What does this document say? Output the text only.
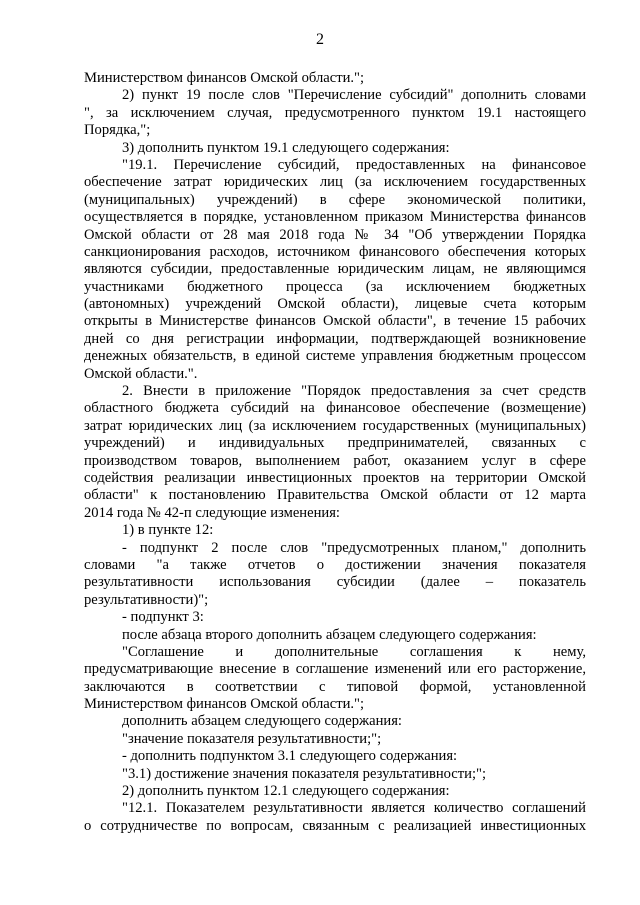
2
Министерством финансов Омской области.";
2) пункт 19 после слов "Перечисление субсидий" дополнить словами
", за исключением случая, предусмотренного пунктом 19.1 настоящего
Порядка,";
3) дополнить пунктом 19.1 следующего содержания:
"19.1. Перечисление субсидий, предоставленных на финансовое
обеспечение затрат юридических лиц (за исключением государственных
(муниципальных) учреждений) в сфере экономической политики,
осуществляется в порядке, установленном приказом Министерства финансов
Омской области от 28 мая 2018 года № 34 "Об утверждении Порядка
санкционирования расходов, источником финансового обеспечения которых
являются субсидии, предоставленные юридическим лицам, не являющимся
участниками бюджетного процесса (за исключением бюджетных
(автономных) учреждений Омской области), лицевые счета которым
открыты в Министерстве финансов Омской области", в течение 15 рабочих
дней со дня регистрации информации, подтверждающей возникновение
денежных обязательств, в единой системе управления бюджетным процессом
Омской области.".
2. Внести в приложение "Порядок предоставления за счет средств
областного бюджета субсидий на финансовое обеспечение (возмещение)
затрат юридических лиц (за исключением государственных (муниципальных)
учреждений) и индивидуальных предпринимателей, связанных с
производством товаров, выполнением работ, оказанием услуг в сфере
содействия реализации инвестиционных проектов на территории Омской
области" к постановлению Правительства Омской области от 12 марта
2014 года № 42-п следующие изменения:
1) в пункте 12:
- подпункт 2 после слов "предусмотренных планом," дополнить
словами "а также отчетов о достижении значения показателя
результативности использования субсидии (далее – показатель
результативности)";
- подпункт 3:
после абзаца второго дополнить абзацем следующего содержания:
"Соглашение и дополнительные соглашения к нему,
предусматривающие внесение в соглашение изменений или его расторжение,
заключаются в соответствии с типовой формой, установленной
Министерством финансов Омской области.";
дополнить абзацем следующего содержания:
"значение показателя результативности;";
- дополнить подпунктом 3.1 следующего содержания:
"3.1) достижение значения показателя результативности;";
2) дополнить пунктом 12.1 следующего содержания:
"12.1. Показателем результативности является количество соглашений
о сотрудничестве по вопросам, связанным с реализацией инвестиционных
